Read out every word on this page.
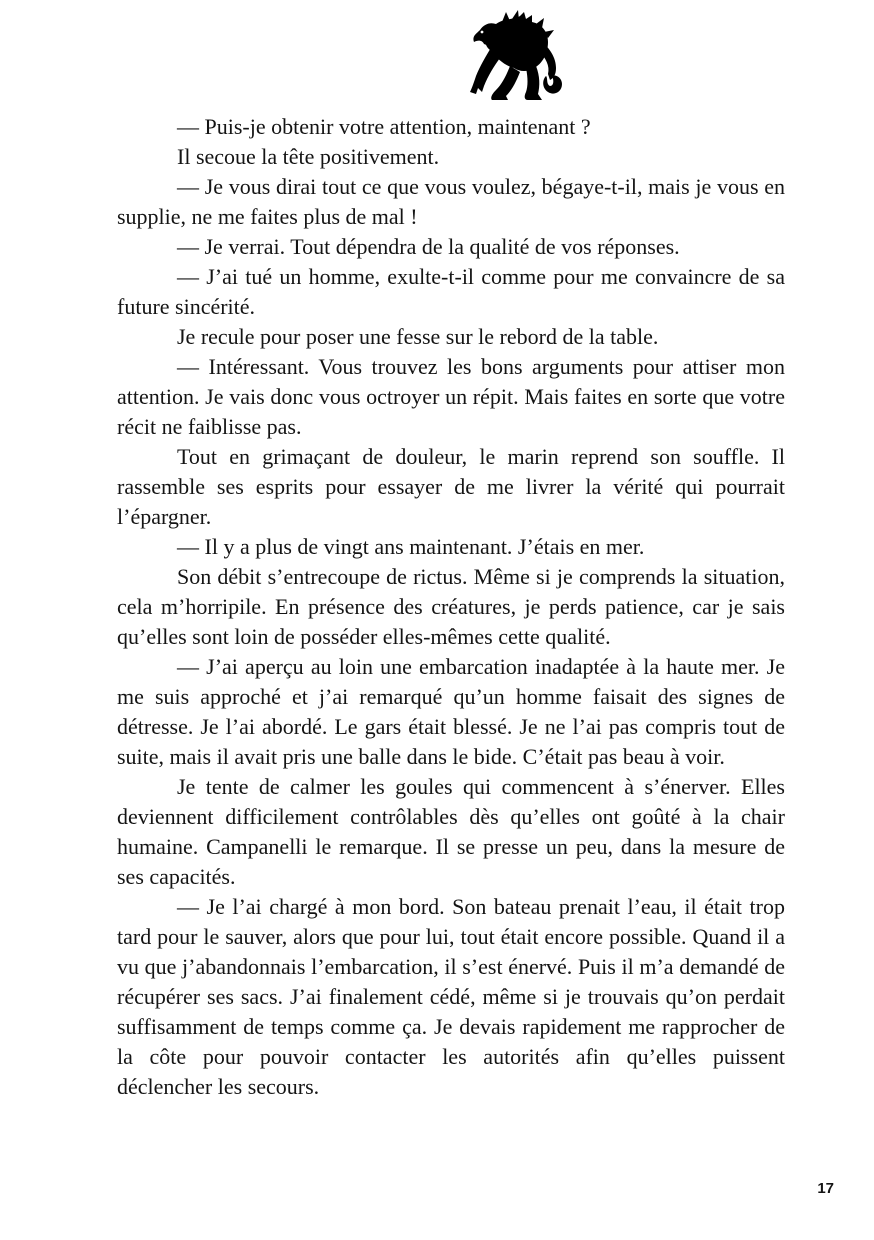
— Puis-je obtenir votre attention, maintenant ?

Il secoue la tête positivement.

— Je vous dirai tout ce que vous voulez, bégaye-t-il, mais je vous en supplie, ne me faites plus de mal !

— Je verrai. Tout dépendra de la qualité de vos réponses.

— J’ai tué un homme, exulte-t-il comme pour me convaincre de sa future sincérité.

Je recule pour poser une fesse sur le rebord de la table.

— Intéressant. Vous trouvez les bons arguments pour attiser mon attention. Je vais donc vous octroyer un répit. Mais faites en sorte que votre récit ne faiblisse pas.

Tout en grimaçant de douleur, le marin reprend son souffle. Il rassemble ses esprits pour essayer de me livrer la vérité qui pourrait l’épargner.

— Il y a plus de vingt ans maintenant. J’étais en mer.

Son débit s’entrecoupe de rictus. Même si je comprends la situation, cela m’horripile. En présence des créatures, je perds patience, car je sais qu’elles sont loin de posséder elles-mêmes cette qualité.

— J’ai aperçu au loin une embarcation inadaptée à la haute mer. Je me suis approché et j’ai remarqué qu’un homme faisait des signes de détresse. Je l’ai abordé. Le gars était blessé. Je ne l’ai pas compris tout de suite, mais il avait pris une balle dans le bide. C’était pas beau à voir.

Je tente de calmer les goules qui commencent à s’énerver. Elles deviennent difficilement contrôlables dès qu’elles ont goûté à la chair humaine. Campanelli le remarque. Il se presse un peu, dans la mesure de ses capacités.

— Je l’ai chargé à mon bord. Son bateau prenait l’eau, il était trop tard pour le sauver, alors que pour lui, tout était encore possible. Quand il a vu que j’abandonnais l’embarcation, il s’est énervé. Puis il m’a demandé de récupérer ses sacs. J’ai finalement cédé, même si je trouvais qu’on perdait suffisamment de temps comme ça. Je devais rapidement me rapprocher de la côte pour pouvoir contacter les autorités afin qu’elles puissent déclencher les secours.

17
